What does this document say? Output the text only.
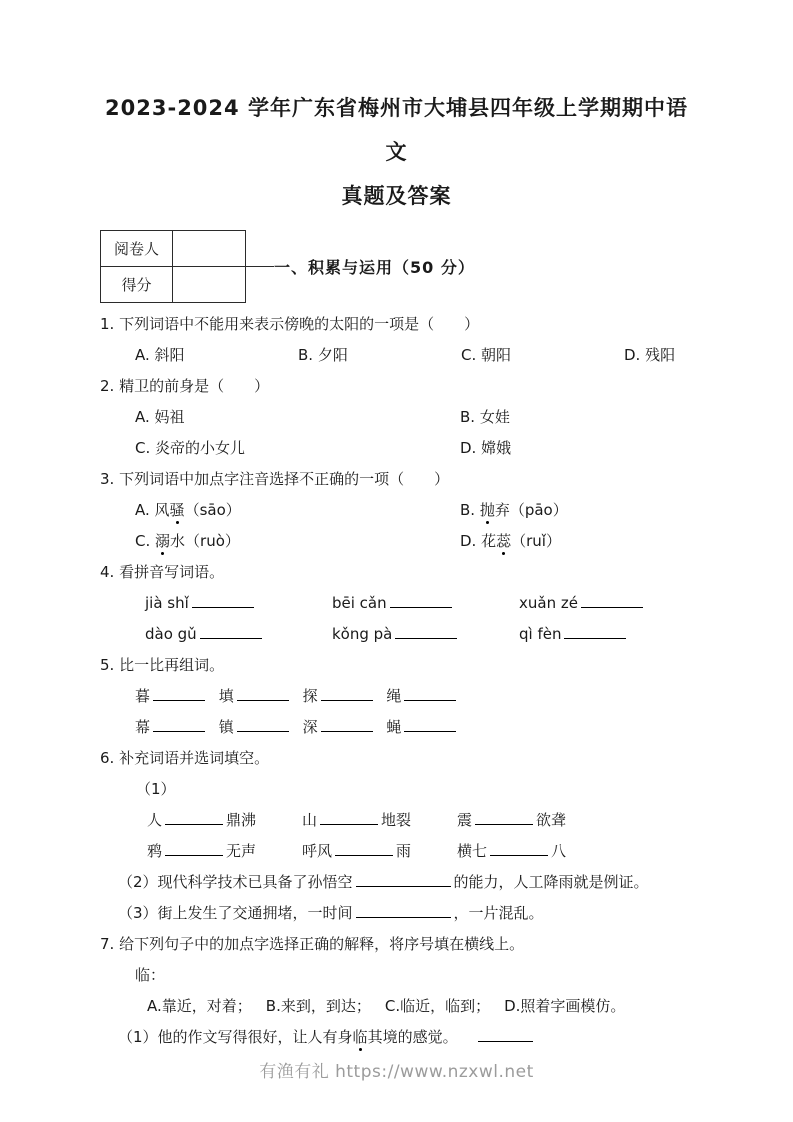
2023-2024 学年广东省梅州市大埔县四年级上学期期中语文
真题及答案
阅卷人	
得分	
一、积累与运用（50 分）
1. 下列词语中不能用来表示傍晚的太阳的一项是（　　）
A. 斜阳	B. 夕阳	C. 朝阳	D. 残阳
2. 精卫的前身是（　　）
A. 妈祖	B. 女娃
C. 炎帝的小女儿	D. 嫦娥
3. 下列词语中加点字注音选择不正确的一项（　　）
A. 风骚（sāo）	B. 抛弃（pāo）
C. 溺水（ruò）	D. 花蕊（ruǐ）
4. 看拼音写词语。
jià shǐ	bēi cǎn	xuǎn zé
dào gǔ	kǒng pà	qì fèn
5. 比一比再组词。
暮	填	探	绳
幕	镇	深	蝇
6. 补充词语并选词填空。
（1）
人	鼎沸	山	地裂	震	欲聋
鸦	无声	呼风	雨	横七	八
（2）现代科学技术已具备了孙悟空	的能力，人工降雨就是例证。
（3）街上发生了交通拥堵，一时间	，一片混乱。
7. 给下列句子中的加点字选择正确的解释，将序号填在横线上。
临：
A.靠近，对着； B.来到，到达； C.临近，临到； D.照着字画模仿。
（1）他的作文写得很好，让人有身临其境的感觉。
有渔有礼 https://www.nzxwl.net
